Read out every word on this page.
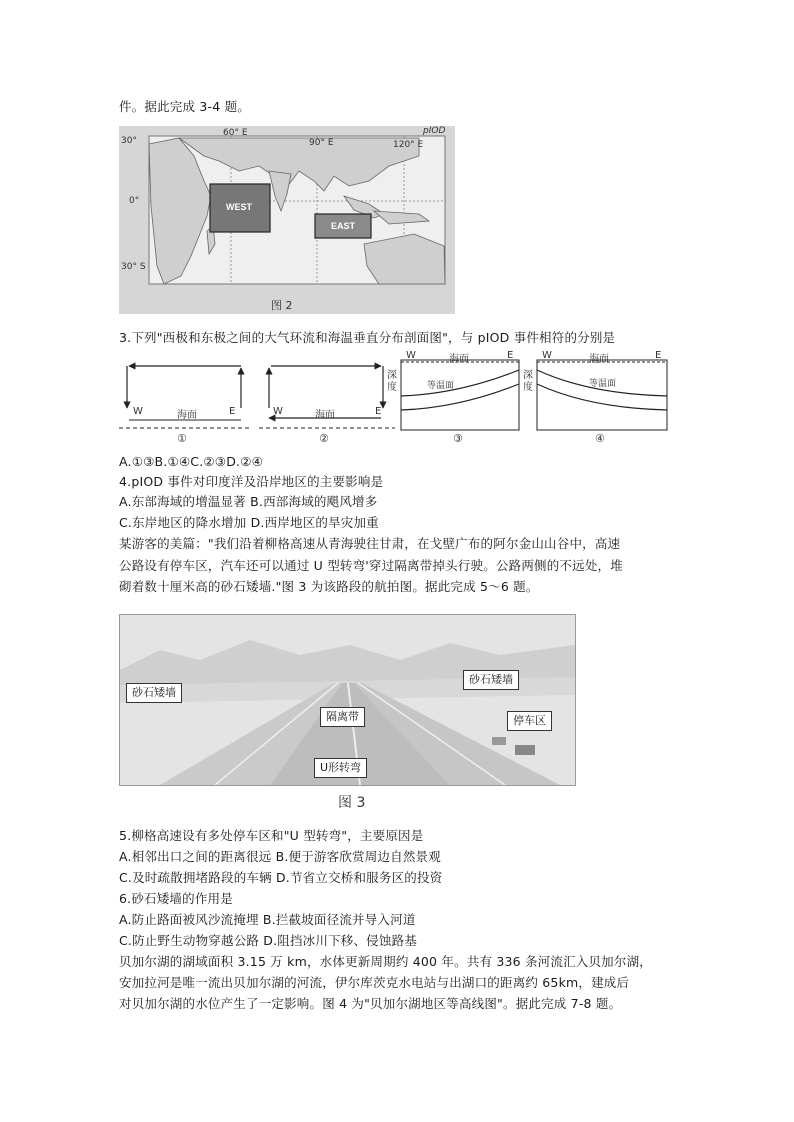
件。据此完成 3-4 题。
WEST
EAST
60° E
90° E	120° E
pIOD
30°
0°
30° S
图 2
3.下列"西极和东极之间的大气环流和海温垂直分布剖面图"，与 pIOD 事件相符的分别是
W	海面	E
①
W	海面	E
②
W	海面	E
深度	等温面
③
W	海面	E
深度	等温面
④
A.①③B.①④C.②③D.②④
4.pIOD 事件对印度洋及沿岸地区的主要影响是
A.东部海域的增温显著 B.西部海域的飓风增多
C.东岸地区的降水增加 D.西岸地区的旱灾加重
某游客的美篇："我们沿着柳格高速从青海驶往甘肃，在戈壁广布的阿尔金山山谷中，高速
公路设有停车区，汽车还可以通过 U 型转弯'穿过隔离带掉头行驶。公路两侧的不远处，堆
砌着数十厘米高的砂石矮墙."图 3 为该路段的航拍图。据此完成 5～6 题。
砂石矮墙
砂石矮墙
隔离带	停车区
U形转弯
图 3
5.柳格高速设有多处停车区和"U 型转弯"，主要原因是
A.相邻出口之间的距离很远 B.便于游客欣赏周边自然景观
C.及时疏散拥堵路段的车辆 D.节省立交桥和服务区的投资
6.砂石矮墙的作用是
A.防止路面被风沙流掩埋 B.拦截坡面径流并导入河道
C.防止野生动物穿越公路 D.阻挡冰川下移、侵蚀路基
贝加尔湖的湖域面积 3.15 万 km，水体更新周期约 400 年。共有 336 条河流汇入贝加尔湖，
安加拉河是唯一流出贝加尔湖的河流，伊尔库茨克水电站与出湖口的距离约 65km，建成后
对贝加尔湖的水位产生了一定影响。图 4 为"贝加尔湖地区等高线图"。据此完成 7-8 题。
